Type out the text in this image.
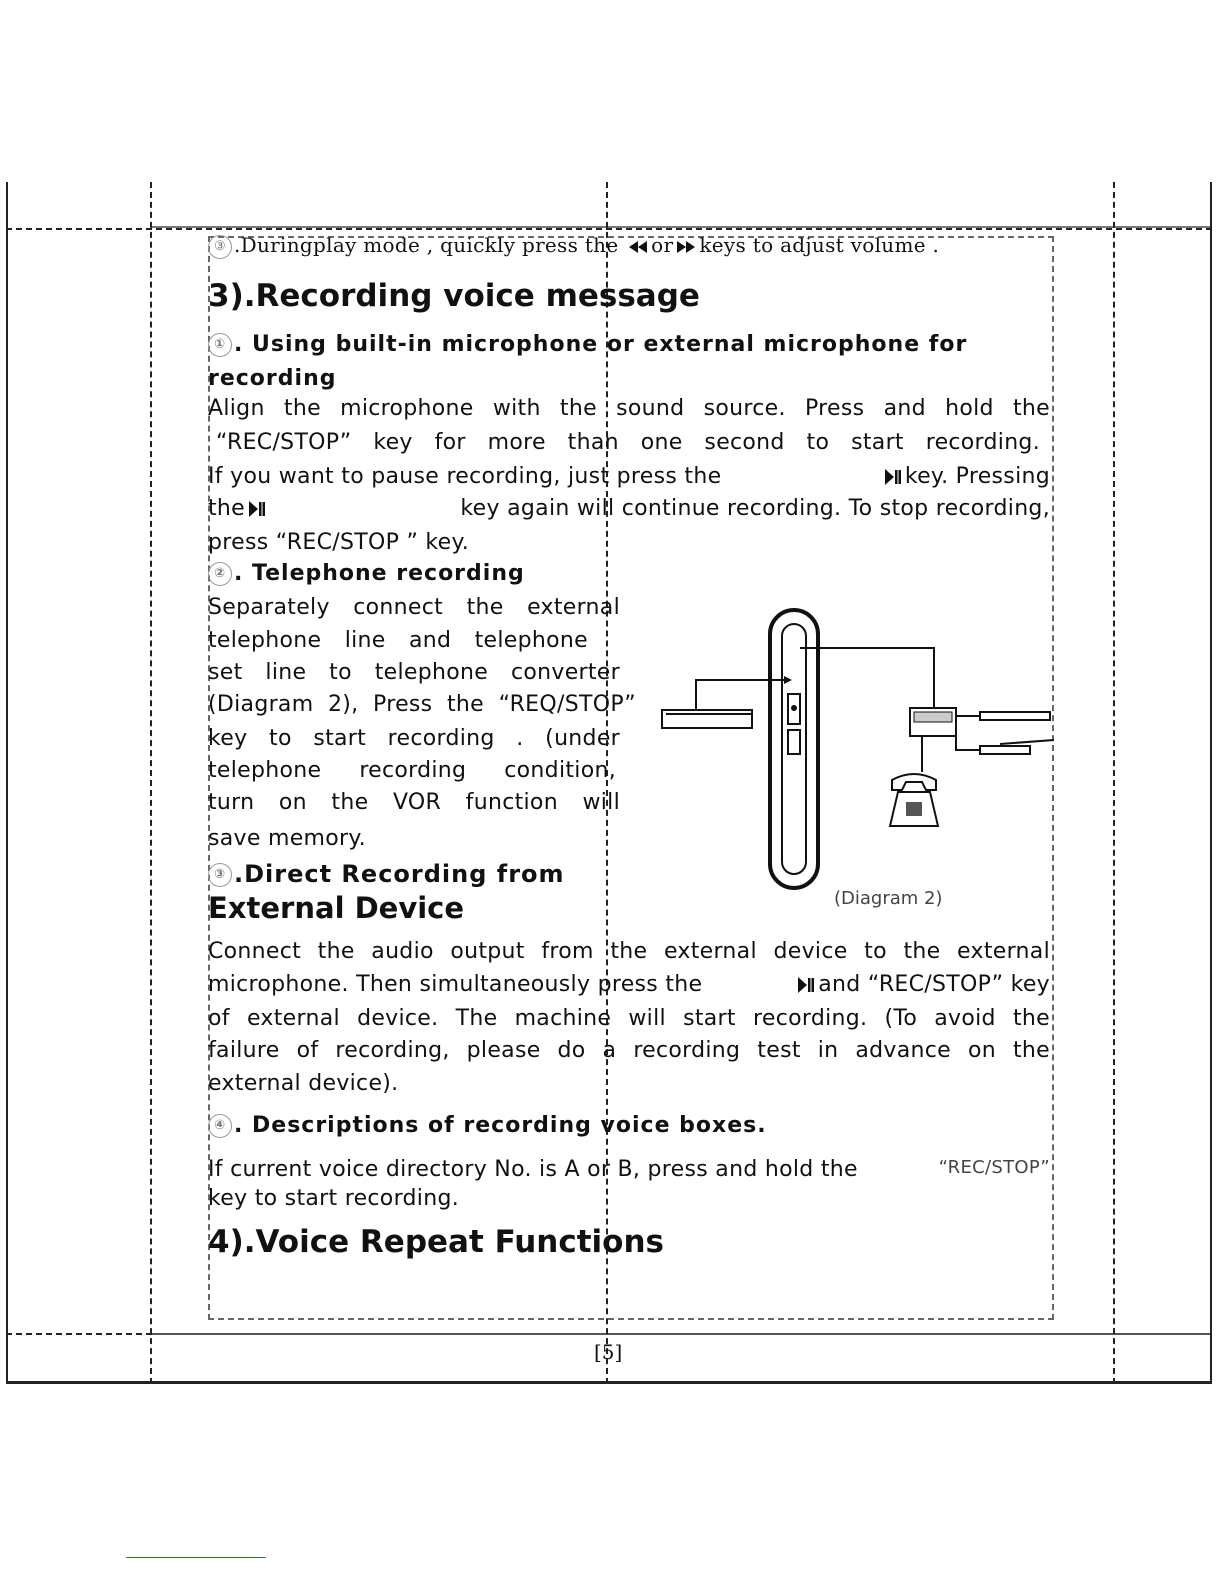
③ .Duringplay mode , quickly press the or keys to adjust volume .
3).Recording voice message
① . Using built-in microphone or external microphone for
recording
Align the microphone with the sound source. Press and hold the
“REC/STOP” key for more than one second to start recording.
If you want to pause recording, just press the	key. Pressing
the	key again will continue recording. To stop recording,
press “REC/STOP ” key.
② . Telephone recording
Separately connect the external
telephone line and telephone
set line to telephone converter
(Diagram 2), Press the “REQ/STOP”
key to start recording . (under
telephone recording condition,
turn on the VOR function will
save memory.
(Diagram 2)
③ .Direct Recording from
External Device
Connect the audio output from the external device to the external
microphone. Then simultaneously press the	and “REC/STOP” key
of external device. The machine will start recording. (To avoid the
failure of recording, please do a recording test in advance on the
external device).
④ . Descriptions of recording voice boxes.
If current voice directory No. is A or B, press and hold the	“REC/STOP”
key to start recording.
4).Voice Repeat Functions
[5]
